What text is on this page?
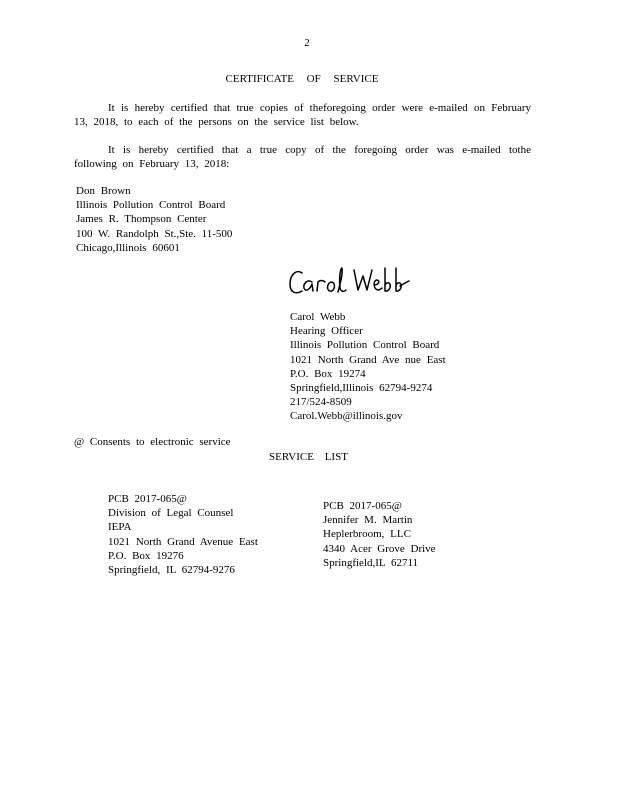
2
CERTIFICATE OF SERVICE

It is hereby certified that true copies of theforegoing order were e-mailed on February 13, 2018, to each of the persons on the service list below.

It is hereby certified that a true copy of the foregoing order was e-mailed tothe following on February 13, 2018:

Don Brown
Illinois Pollution Control Board
James R. Thompson Center
100 W. Randolph St.,Ste. 11-500
Chicago,Illinois 60601
Carol Webb
Hearing Officer
Illinois Pollution Control Board
1021 North Grand Ave nue East
P.O. Box 19274
Springfield,Illinois 62794-9274
217/524-8509
Carol.Webb@illinois.gov
@ Consents to electronic service
SERVICE LIST
PCB 2017-065@
Division of Legal Counsel
IEPA
1021 North Grand Avenue East
P.O. Box 19276
Springfield, IL 62794-9276
PCB 2017-065@
Jennifer M. Martin
Heplerbroom, LLC
4340 Acer Grove Drive
Springfield,IL 62711
